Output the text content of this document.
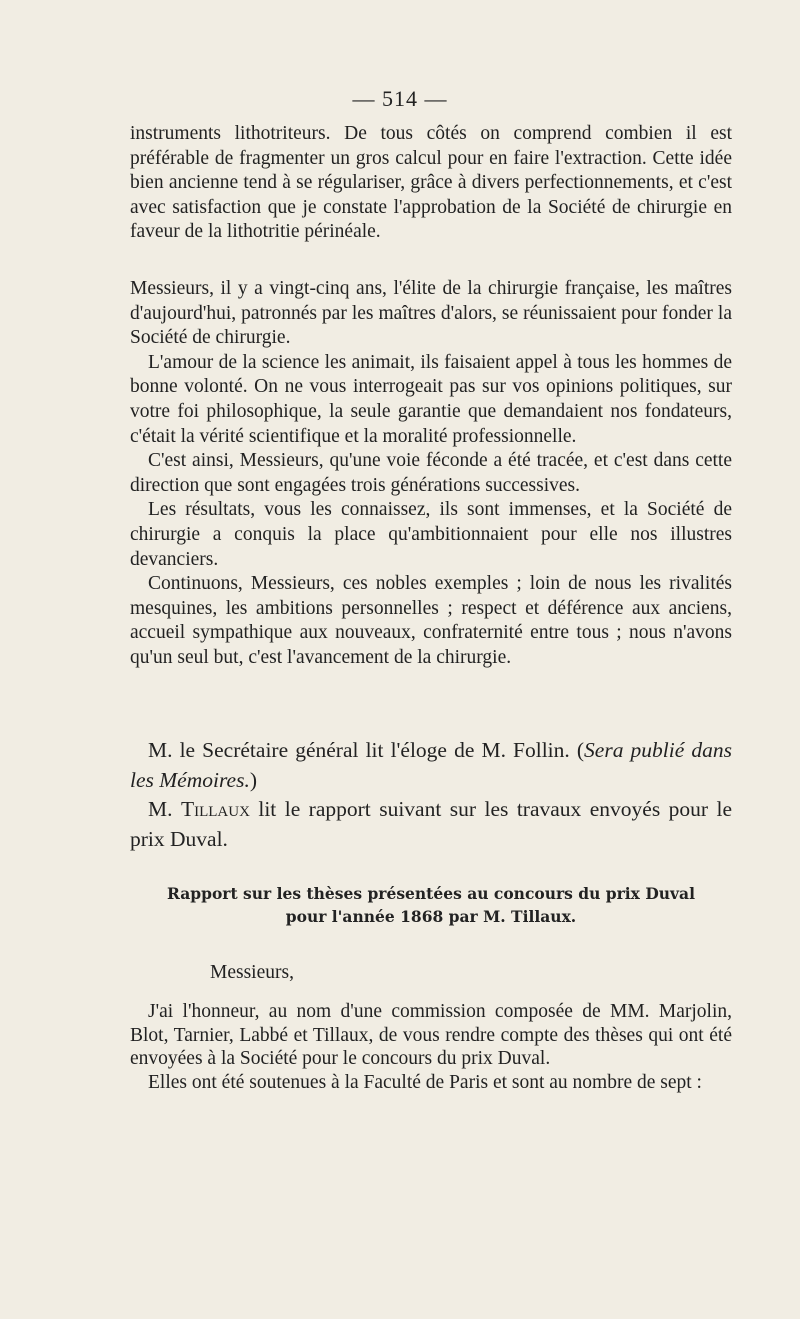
— 514 —

instruments lithotriteurs. De tous côtés on comprend combien il est préférable de fragmenter un gros calcul pour en faire l'extraction. Cette idée bien ancienne tend à se régulariser, grâce à divers perfectionnements, et c'est avec satisfaction que je constate l'approbation de la Société de chirurgie en faveur de la lithotritie périnéale.

Messieurs, il y a vingt-cinq ans, l'élite de la chirurgie française, les maîtres d'aujourd'hui, patronnés par les maîtres d'alors, se réunissaient pour fonder la Société de chirurgie.

L'amour de la science les animait, ils faisaient appel à tous les hommes de bonne volonté. On ne vous interrogeait pas sur vos opinions politiques, sur votre foi philosophique, la seule garantie que demandaient nos fondateurs, c'était la vérité scientifique et la moralité professionnelle.

C'est ainsi, Messieurs, qu'une voie féconde a été tracée, et c'est dans cette direction que sont engagées trois générations successives.

Les résultats, vous les connaissez, ils sont immenses, et la Société de chirurgie a conquis la place qu'ambitionnaient pour elle nos illustres devanciers.

Continuons, Messieurs, ces nobles exemples ; loin de nous les rivalités mesquines, les ambitions personnelles ; respect et déférence aux anciens, accueil sympathique aux nouveaux, confraternité entre tous ; nous n'avons qu'un seul but, c'est l'avancement de la chirurgie.

M. le Secrétaire général lit l'éloge de M. Follin. (Sera publié dans les Mémoires.)

M. Tillaux lit le rapport suivant sur les travaux envoyés pour le prix Duval.

Rapport sur les thèses présentées au concours du prix Duval
pour l'année 1868 par M. Tillaux.
Messieurs,

J'ai l'honneur, au nom d'une commission composée de MM. Marjolin, Blot, Tarnier, Labbé et Tillaux, de vous rendre compte des thèses qui ont été envoyées à la Société pour le concours du prix Duval.

Elles ont été soutenues à la Faculté de Paris et sont au nombre de sept :
